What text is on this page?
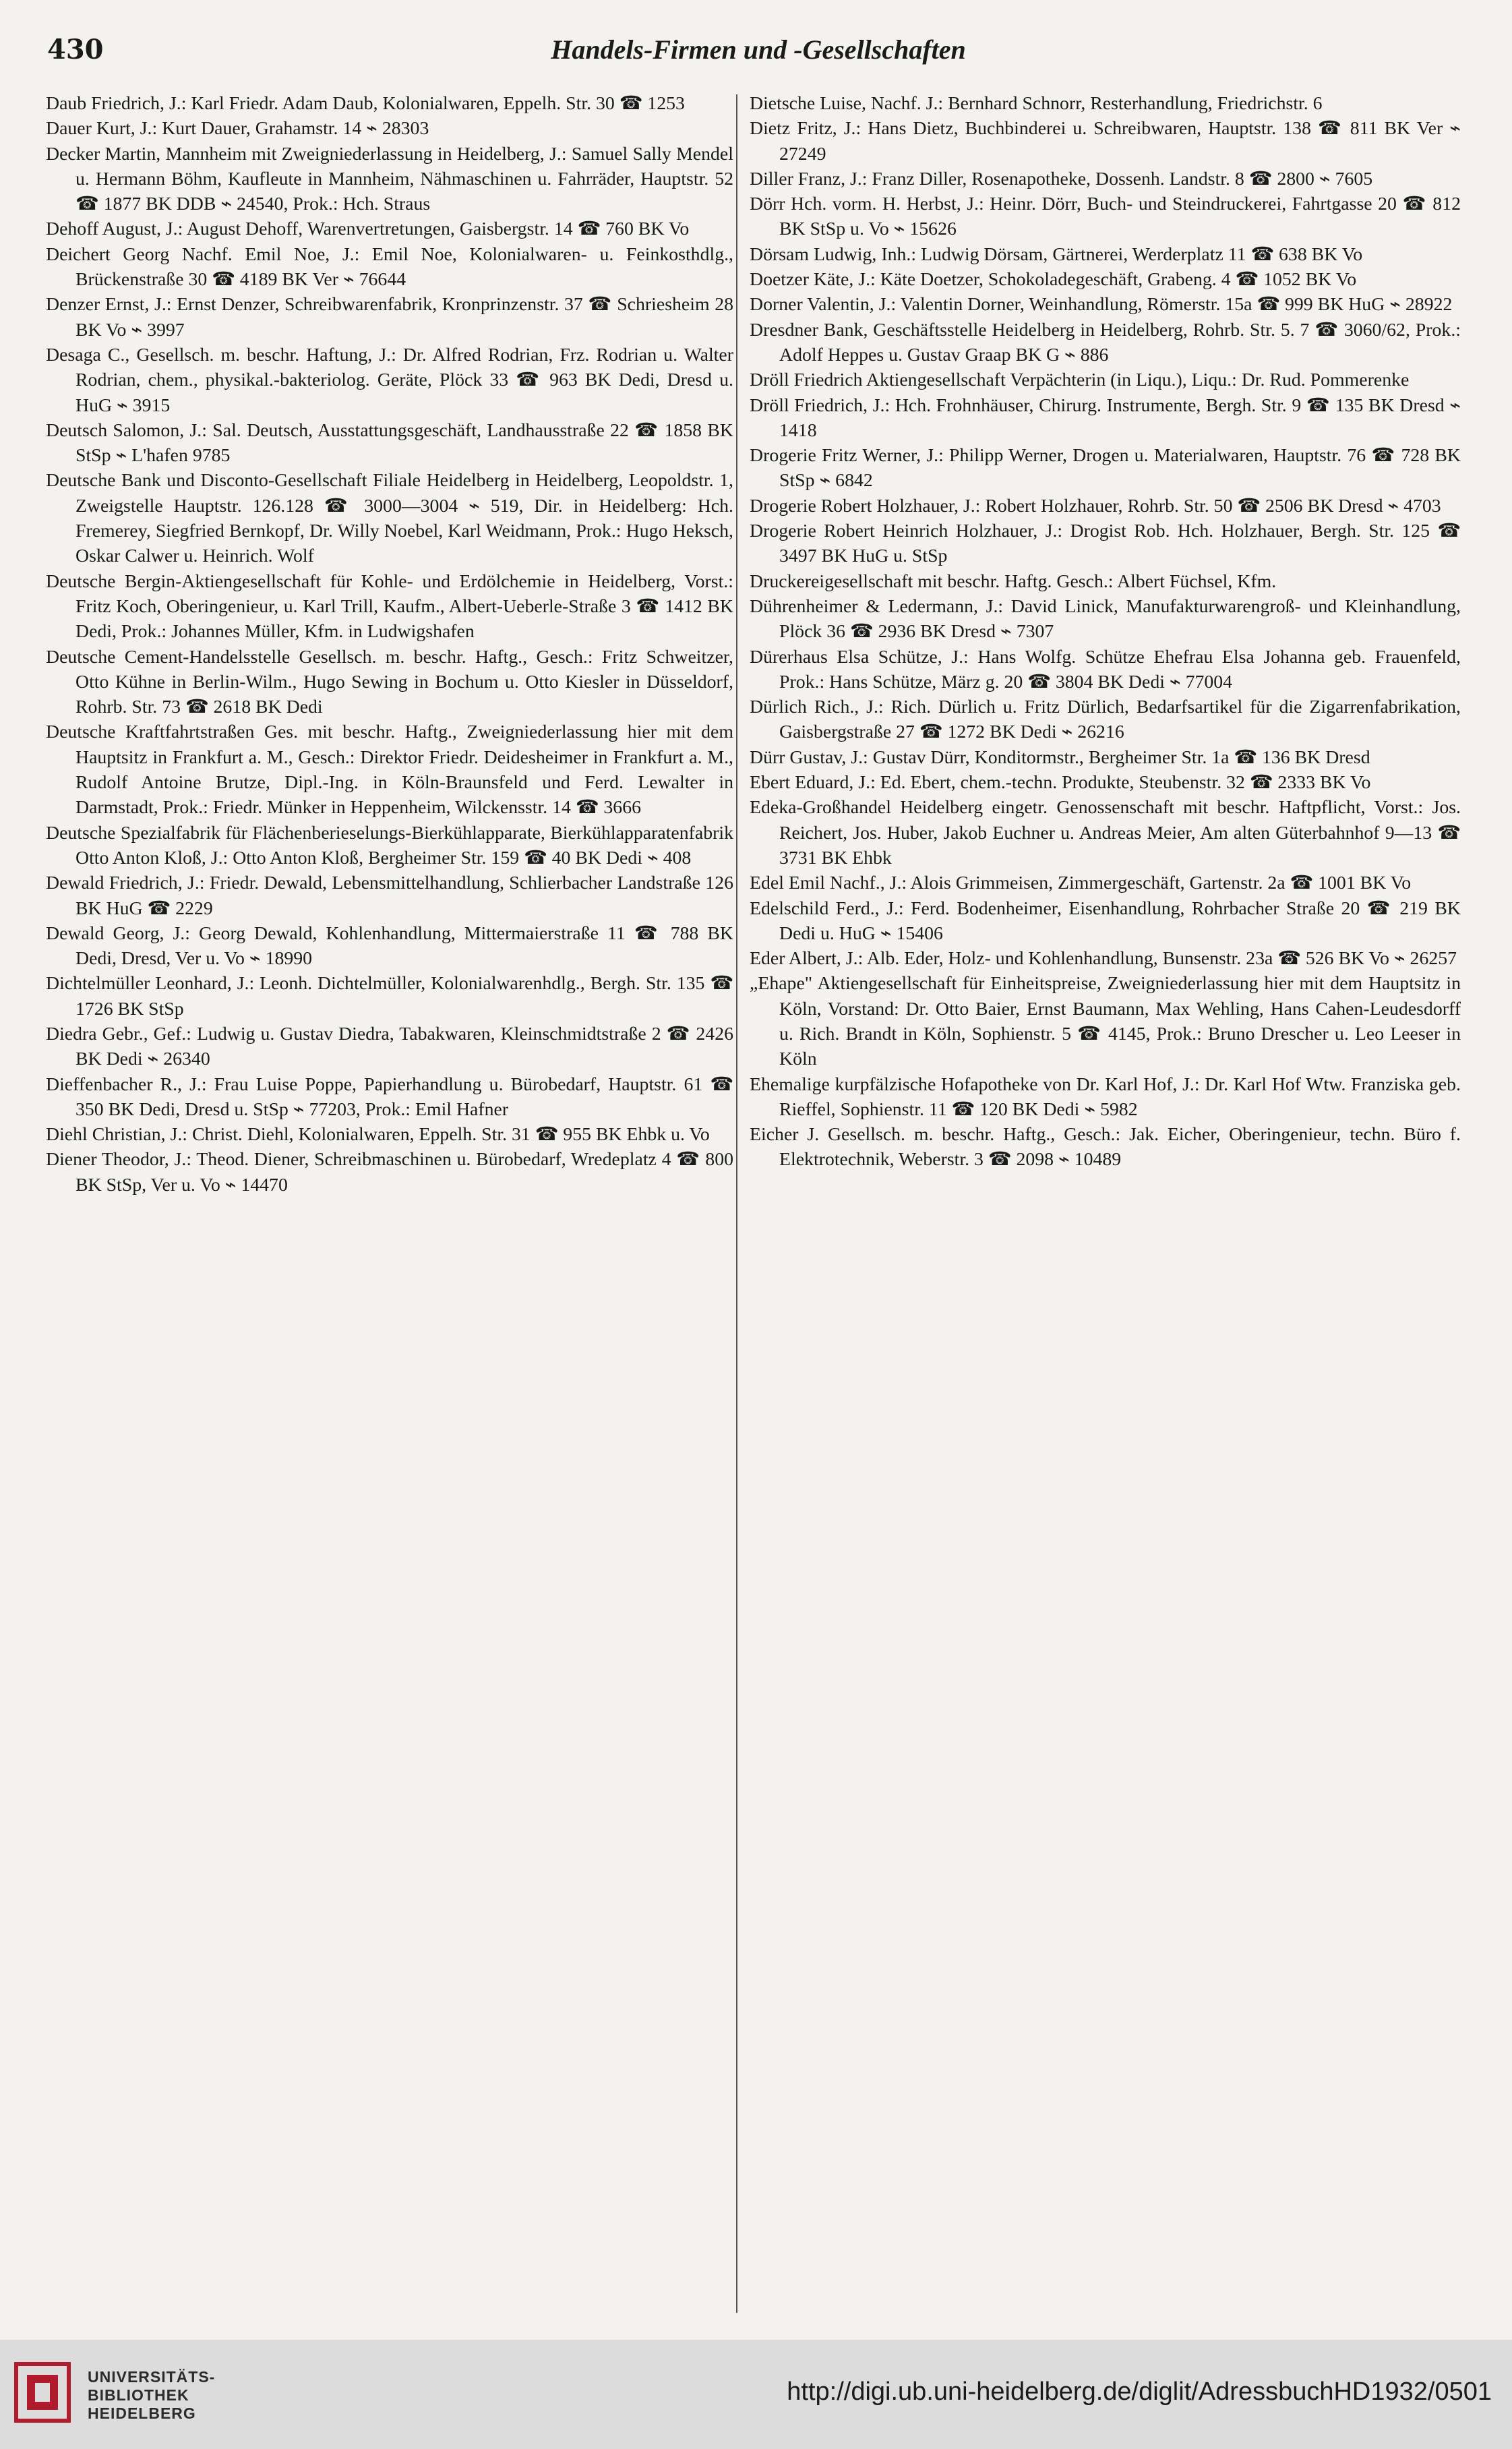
430	Handels-Firmen und -Gesellschaften

Daub Friedrich, J.: Karl Friedr. Adam Daub, Kolonialwaren, Eppelh. Str. 30 ☎ 1253

Dauer Kurt, J.: Kurt Dauer, Grahamstr. 14 ⌁ 28303

Decker Martin, Mannheim mit Zweigniederlassung in Heidelberg, J.: Samuel Sally Mendel u. Hermann Böhm, Kaufleute in Mannheim, Nähmaschinen u. Fahrräder, Hauptstr. 52 ☎ 1877 BK DDB ⌁ 24540, Prok.: Hch. Straus

Dehoff August, J.: August Dehoff, Warenvertretungen, Gaisbergstr. 14 ☎ 760 BK Vo

Deichert Georg Nachf. Emil Noe, J.: Emil Noe, Kolonialwaren- u. Feinkosthdlg., Brückenstraße 30 ☎ 4189 BK Ver ⌁ 76644

Denzer Ernst, J.: Ernst Denzer, Schreibwarenfabrik, Kronprinzenstr. 37 ☎ Schriesheim 28 BK Vo ⌁ 3997

Desaga C., Gesellsch. m. beschr. Haftung, J.: Dr. Alfred Rodrian, Frz. Rodrian u. Walter Rodrian, chem., physikal.-bakteriolog. Geräte, Plöck 33 ☎ 963 BK Dedi, Dresd u. HuG ⌁ 3915

Deutsch Salomon, J.: Sal. Deutsch, Ausstattungsgeschäft, Landhausstraße 22 ☎ 1858 BK StSp ⌁ L'hafen 9785

Deutsche Bank und Disconto-Gesellschaft Filiale Heidelberg in Heidelberg, Leopoldstr. 1, Zweigstelle Hauptstr. 126.128 ☎ 3000—3004 ⌁ 519, Dir. in Heidelberg: Hch. Fremerey, Siegfried Bernkopf, Dr. Willy Noebel, Karl Weidmann, Prok.: Hugo Heksch, Oskar Calwer u. Heinrich. Wolf

Deutsche Bergin-Aktiengesellschaft für Kohle- und Erdölchemie in Heidelberg, Vorst.: Fritz Koch, Oberingenieur, u. Karl Trill, Kaufm., Albert-Ueberle-Straße 3 ☎ 1412 BK Dedi, Prok.: Johannes Müller, Kfm. in Ludwigshafen

Deutsche Cement-Handelsstelle Gesellsch. m. beschr. Haftg., Gesch.: Fritz Schweitzer, Otto Kühne in Berlin-Wilm., Hugo Sewing in Bochum u. Otto Kiesler in Düsseldorf, Rohrb. Str. 73 ☎ 2618 BK Dedi

Deutsche Kraftfahrtstraßen Ges. mit beschr. Haftg., Zweigniederlassung hier mit dem Hauptsitz in Frankfurt a. M., Gesch.: Direktor Friedr. Deidesheimer in Frankfurt a. M., Rudolf Antoine Brutze, Dipl.-Ing. in Köln-Braunsfeld und Ferd. Lewalter in Darmstadt, Prok.: Friedr. Münker in Heppenheim, Wilckensstr. 14 ☎ 3666

Deutsche Spezialfabrik für Flächenberieselungs-Bierkühlapparate, Bierkühlapparatenfabrik Otto Anton Kloß, J.: Otto Anton Kloß, Bergheimer Str. 159 ☎ 40 BK Dedi ⌁ 408

Dewald Friedrich, J.: Friedr. Dewald, Lebensmittelhandlung, Schlierbacher Landstraße 126 BK HuG ☎ 2229

Dewald Georg, J.: Georg Dewald, Kohlenhandlung, Mittermaierstraße 11 ☎ 788 BK Dedi, Dresd, Ver u. Vo ⌁ 18990

Dichtelmüller Leonhard, J.: Leonh. Dichtelmüller, Kolonialwarenhdlg., Bergh. Str. 135 ☎ 1726 BK StSp

Diedra Gebr., Gef.: Ludwig u. Gustav Diedra, Tabakwaren, Kleinschmidtstraße 2 ☎ 2426 BK Dedi ⌁ 26340

Dieffenbacher R., J.: Frau Luise Poppe, Papierhandlung u. Bürobedarf, Hauptstr. 61 ☎ 350 BK Dedi, Dresd u. StSp ⌁ 77203, Prok.: Emil Hafner

Diehl Christian, J.: Christ. Diehl, Kolonialwaren, Eppelh. Str. 31 ☎ 955 BK Ehbk u. Vo

Diener Theodor, J.: Theod. Diener, Schreibmaschinen u. Bürobedarf, Wredeplatz 4 ☎ 800 BK StSp, Ver u. Vo ⌁ 14470

Dietsche Luise, Nachf. J.: Bernhard Schnorr, Resterhandlung, Friedrichstr. 6

Dietz Fritz, J.: Hans Dietz, Buchbinderei u. Schreibwaren, Hauptstr. 138 ☎ 811 BK Ver ⌁ 27249

Diller Franz, J.: Franz Diller, Rosenapotheke, Dossenh. Landstr. 8 ☎ 2800 ⌁ 7605

Dörr Hch. vorm. H. Herbst, J.: Heinr. Dörr, Buch- und Steindruckerei, Fahrtgasse 20 ☎ 812 BK StSp u. Vo ⌁ 15626

Dörsam Ludwig, Inh.: Ludwig Dörsam, Gärtnerei, Werderplatz 11 ☎ 638 BK Vo

Doetzer Käte, J.: Käte Doetzer, Schokoladegeschäft, Grabeng. 4 ☎ 1052 BK Vo

Dorner Valentin, J.: Valentin Dorner, Weinhandlung, Römerstr. 15a ☎ 999 BK HuG ⌁ 28922

Dresdner Bank, Geschäftsstelle Heidelberg in Heidelberg, Rohrb. Str. 5. 7 ☎ 3060/62, Prok.: Adolf Heppes u. Gustav Graap BK G ⌁ 886

Dröll Friedrich Aktiengesellschaft Verpächterin (in Liqu.), Liqu.: Dr. Rud. Pommerenke

Dröll Friedrich, J.: Hch. Frohnhäuser, Chirurg. Instrumente, Bergh. Str. 9 ☎ 135 BK Dresd ⌁ 1418

Drogerie Fritz Werner, J.: Philipp Werner, Drogen u. Materialwaren, Hauptstr. 76 ☎ 728 BK StSp ⌁ 6842

Drogerie Robert Holzhauer, J.: Robert Holzhauer, Rohrb. Str. 50 ☎ 2506 BK Dresd ⌁ 4703

Drogerie Robert Heinrich Holzhauer, J.: Drogist Rob. Hch. Holzhauer, Bergh. Str. 125 ☎ 3497 BK HuG u. StSp

Druckereigesellschaft mit beschr. Haftg. Gesch.: Albert Füchsel, Kfm.

Dührenheimer & Ledermann, J.: David Linick, Manufakturwarengroß- und Kleinhandlung, Plöck 36 ☎ 2936 BK Dresd ⌁ 7307

Dürerhaus Elsa Schütze, J.: Hans Wolfg. Schütze Ehefrau Elsa Johanna geb. Frauenfeld, Prok.: Hans Schütze, März g. 20 ☎ 3804 BK Dedi ⌁ 77004

Dürlich Rich., J.: Rich. Dürlich u. Fritz Dürlich, Bedarfsartikel für die Zigarrenfabrikation, Gaisbergstraße 27 ☎ 1272 BK Dedi ⌁ 26216

Dürr Gustav, J.: Gustav Dürr, Konditormstr., Bergheimer Str. 1a ☎ 136 BK Dresd

Ebert Eduard, J.: Ed. Ebert, chem.-techn. Produkte, Steubenstr. 32 ☎ 2333 BK Vo

Edeka-Großhandel Heidelberg eingetr. Genossenschaft mit beschr. Haftpflicht, Vorst.: Jos. Reichert, Jos. Huber, Jakob Euchner u. Andreas Meier, Am alten Güterbahnhof 9—13 ☎ 3731 BK Ehbk

Edel Emil Nachf., J.: Alois Grimmeisen, Zimmergeschäft, Gartenstr. 2a ☎ 1001 BK Vo

Edelschild Ferd., J.: Ferd. Bodenheimer, Eisenhandlung, Rohrbacher Straße 20 ☎ 219 BK Dedi u. HuG ⌁ 15406

Eder Albert, J.: Alb. Eder, Holz- und Kohlenhandlung, Bunsenstr. 23a ☎ 526 BK Vo ⌁ 26257

„Ehape" Aktiengesellschaft für Einheitspreise, Zweigniederlassung hier mit dem Hauptsitz in Köln, Vorstand: Dr. Otto Baier, Ernst Baumann, Max Wehling, Hans Cahen-Leudesdorff u. Rich. Brandt in Köln, Sophienstr. 5 ☎ 4145, Prok.: Bruno Drescher u. Leo Leeser in Köln

Ehemalige kurpfälzische Hofapotheke von Dr. Karl Hof, J.: Dr. Karl Hof Wtw. Franziska geb. Rieffel, Sophienstr. 11 ☎ 120 BK Dedi ⌁ 5982

Eicher J. Gesellsch. m. beschr. Haftg., Gesch.: Jak. Eicher, Oberingenieur, techn. Büro f. Elektrotechnik, Weberstr. 3 ☎ 2098 ⌁ 10489

UNIVERSITÄTS-
BIBLIOTHEK
HEIDELBERG
http://digi.ub.uni-heidelberg.de/diglit/AdressbuchHD1932/0501
